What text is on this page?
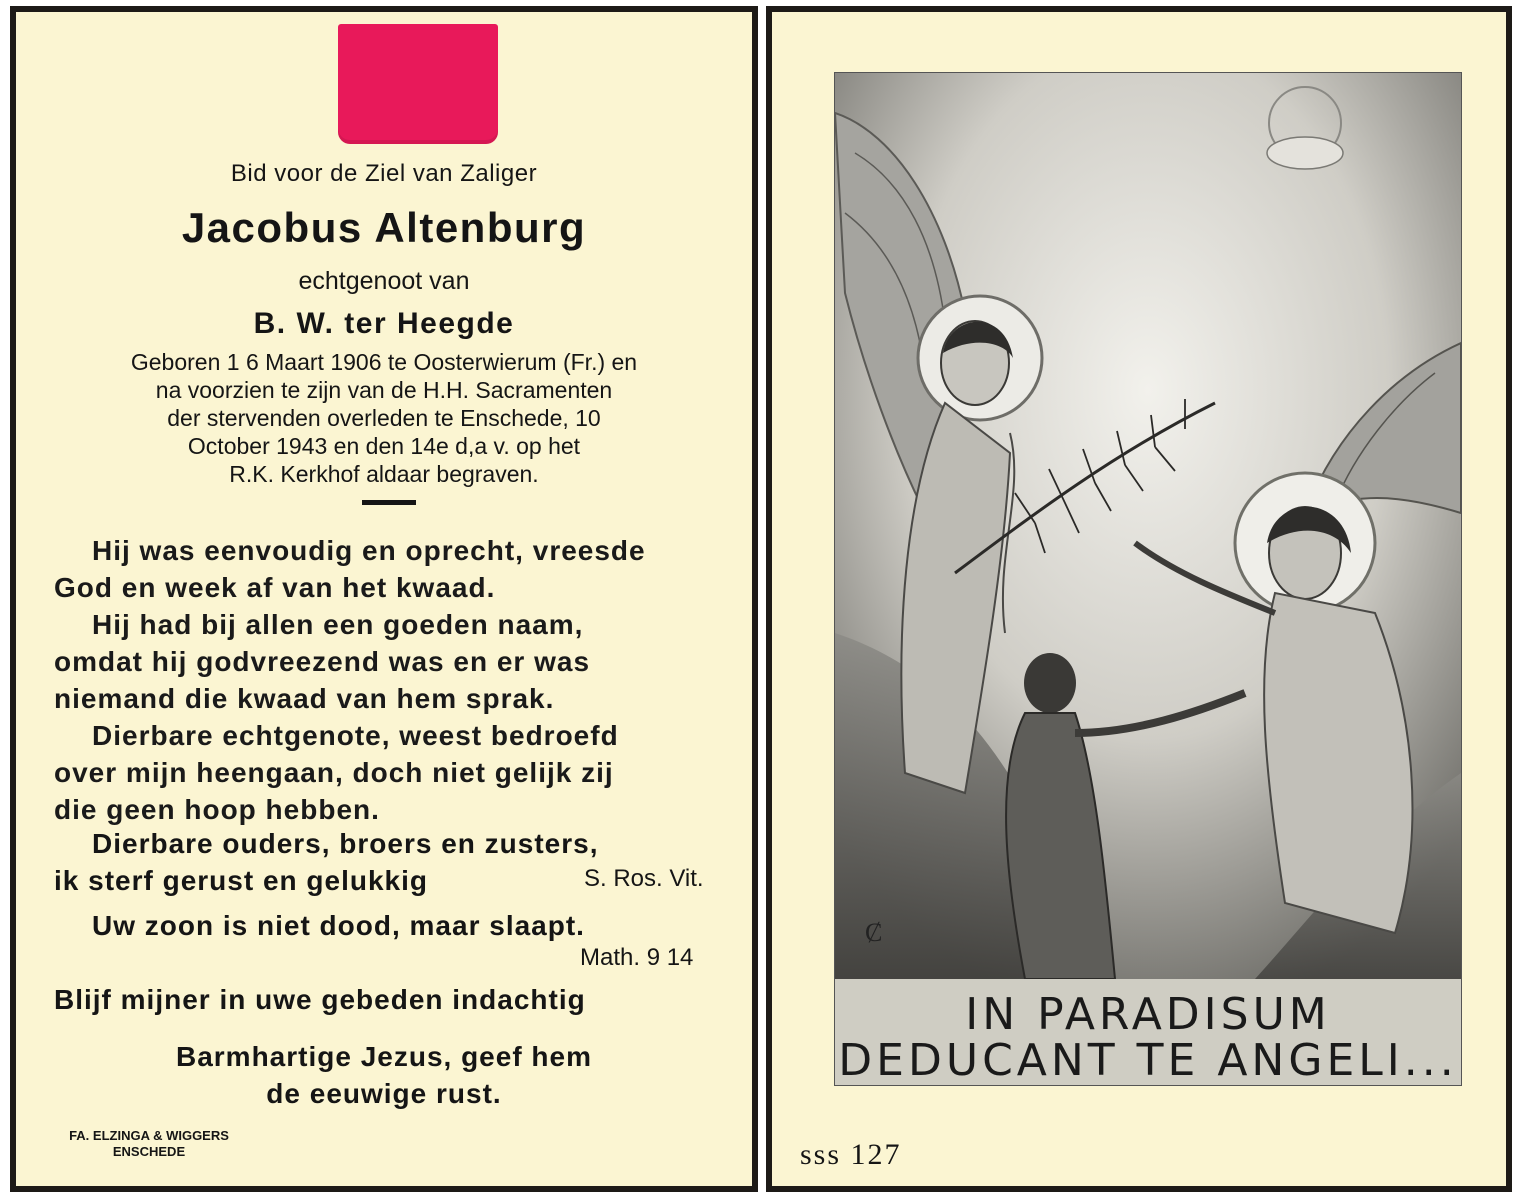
Bid voor de Ziel van Zaliger
Jacobus Altenburg
echtgenoot van
B. W. ter Heegde
Geboren 1 6 Maart 1906 te Oosterwierum (Fr.) en
na voorzien te zijn van de H.H. Sacramenten
der stervenden overleden te Enschede, 10
October 1943 en den 14e d,a v. op het
R.K. Kerkhof aldaar begraven.
Hij was eenvoudig en oprecht, vreesde
God en week af van het kwaad.
Hij had bij allen een goeden naam,
omdat hij godvreezend was en er was
niemand die kwaad van hem sprak.
Dierbare echtgenote, weest bedroefd
over mijn heengaan, doch niet gelijk zij
die geen hoop hebben.
Dierbare ouders, broers en zusters,
ik sterf gerust en gelukkig	S. Ros. Vit.
Uw zoon is niet dood, maar slaapt.
Math. 9 14
Blijf mijner in uwe gebeden indachtig
Barmhartige Jezus, geef hem
de eeuwige rust.
FA. ELZINGA & WIGGERS
ENSCHEDE
Ȼ
IN PARADISUM
DEDUCANT TE ANGELI...
sss 127
